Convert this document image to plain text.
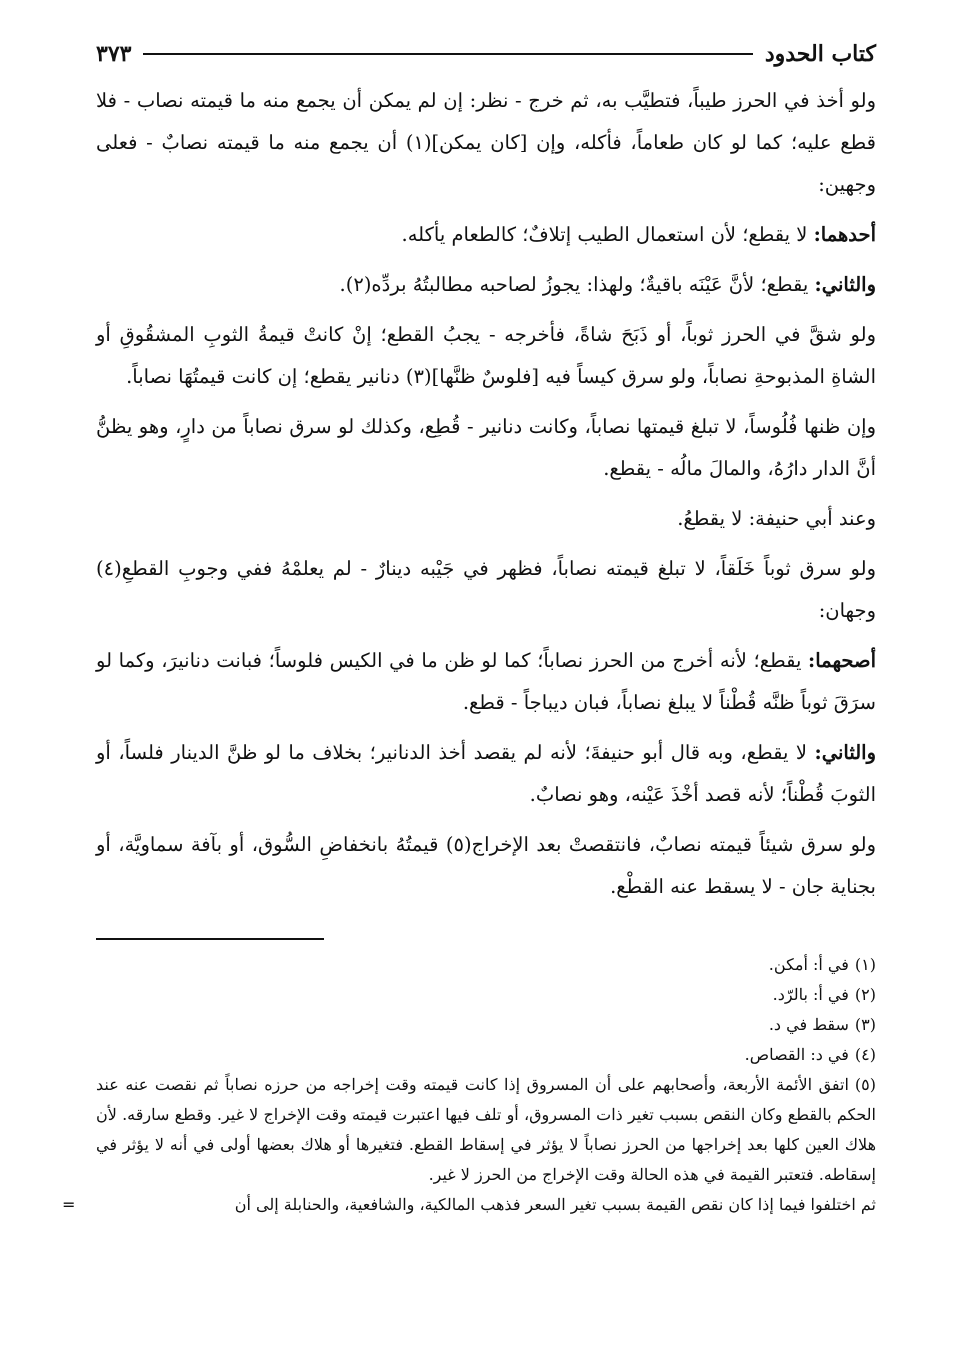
كتاب الحدود
٣٧٣

ولو أخذ في الحرز طيباً، فتطيَّب به، ثم خرج - نظر: إن لم يمكن أن يجمع منه ما قيمته نصاب - فلا قطع عليه؛ كما لو كان طعاماً، فأكله، وإن [كان يمكن](١) أن يجمع منه ما قيمته نصابٌ - فعلى وجهين:

أحدهما: لا يقطع؛ لأن استعمال الطيب إتلافٌ؛ كالطعام يأكله.

والثاني: يقطع؛ لأنَّ عَيْنَه باقيةٌ؛ ولهذا: يجوزُ لصاحبه مطالبتُهُ بردِّه(٢).

ولو شقَّ في الحرز ثوباً، أو ذَبَحَ شاةً، فأخرجه - يجبُ القطع؛ إنْ كانتْ قيمةُ الثوبِ المشقُوقِ أو الشاةِ المذبوحةِ نصاباً، ولو سرق كيساً فيه [فلوسٌ ظنَّها](٣) دنانير يقطع؛ إن كانت قيمتُهَا نصاباً.

وإن ظنها فُلُوساً، لا تبلغ قيمتها نصاباً، وكانت دنانير - قُطِع، وكذلك لو سرق نصاباً من دارٍ، وهو يظنُّ أنَّ الدار دارُهُ، والمالَ مالُه - يقطع.

وعند أبي حنيفة: لا يقطعُ.

ولو سرق ثوباً خَلَقاً، لا تبلغ قيمته نصاباً، فظهر في جَيْبه دينارٌ - لم يعلمْهُ ففي وجوبِ القطعِ(٤) وجهان:

أصحهما: يقطع؛ لأنه أخرج من الحرز نصاباً؛ كما لو ظن ما في الكيس فلوساً؛ فبانت دنانيرَ، وكما لو سرَقَ ثوباً ظنَّه قُطْناً لا يبلغ نصاباً، فبان ديباجاً - قطع.

والثاني: لا يقطع، وبه قال أبو حنيفةَ؛ لأنه لم يقصد أخذ الدنانير؛ بخلاف ما لو ظنَّ الدينار فلساً، أو الثوبَ قُطْناً؛ لأنه قصد أخْذَ عَيْنه، وهو نصابٌ.

ولو سرق شيئاً قيمته نصابٌ، فانتقصتْ بعد الإخراج(٥) قيمتُهُ بانخفاضِ السُّوق، أو بآفة سماويَّة، أو بجناية جان - لا يسقط عنه القطْع.

(١)في أ: أمكن.

(٢)في أ: بالرّد.

(٣)سقط في د.

(٤)في د: القصاص.

(٥)اتفق الأئمة الأربعة، وأصحابهم على أن المسروق إذا كانت قيمته وقت إخراجه من حرزه نصاباً ثم نقصت عنه عند الحكم بالقطع وكان النقص بسبب تغير ذات المسروق، أو تلف فيها اعتبرت قيمته وقت الإخراج لا غير. وقطع سارقه. لأن هلاك العين كلها بعد إخراجها من الحرز نصاباً لا يؤثر في إسقاط القطع. فتغيرها أو هلاك بعضها أولى في أنه لا يؤثر في إسقاطه. فتعتبر القيمة في هذه الحالة وقت الإخراج من الحرز لا غير.

ثم اختلفوا فيما إذا كان نقص القيمة بسبب تغير السعر فذهب المالكية، والشافعية، والحنابلة إلى أن
=
